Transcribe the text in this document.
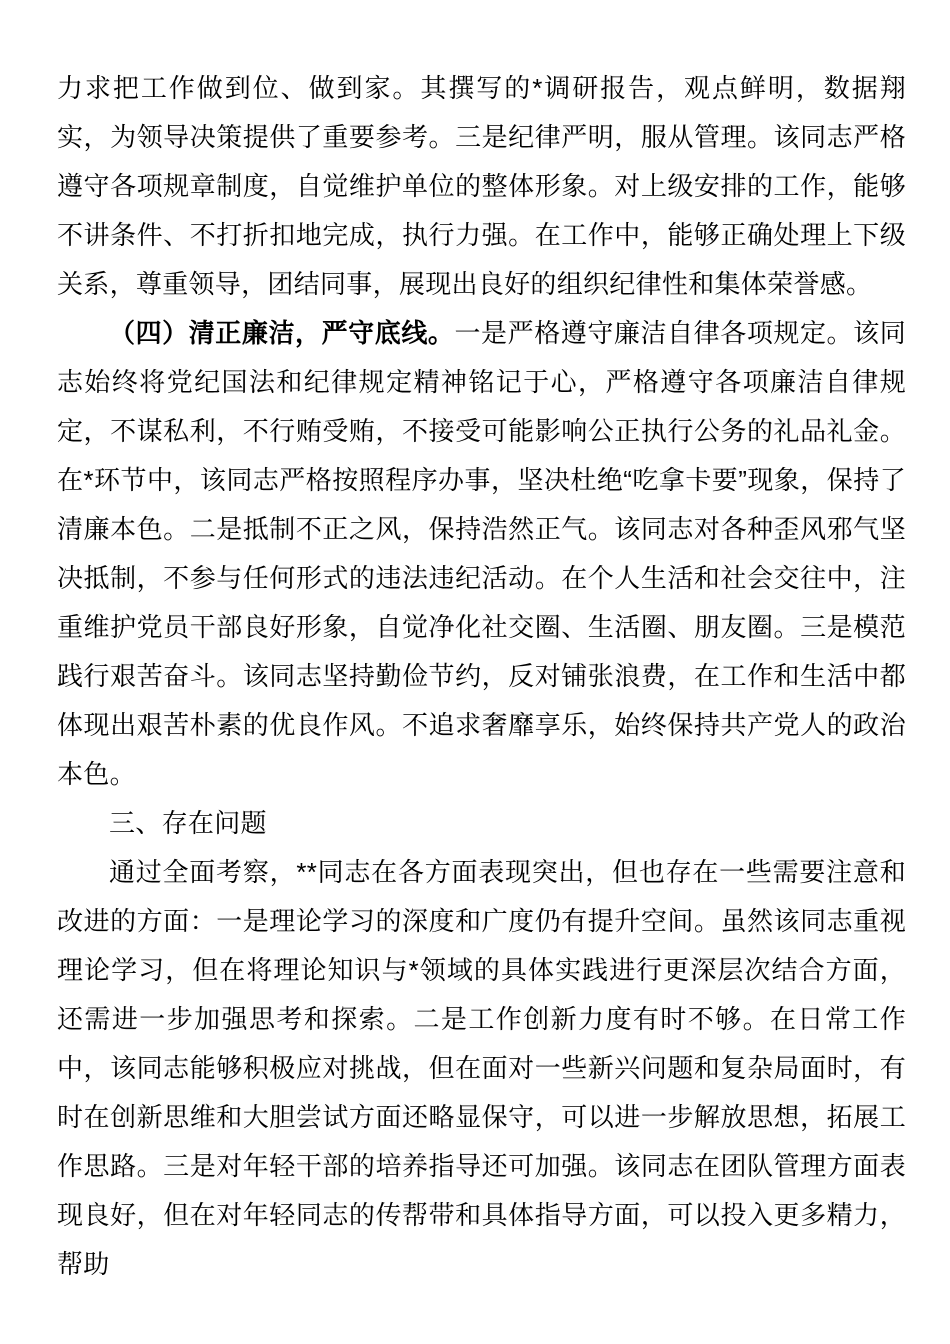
力求把工作做到位、做到家。其撰写的*调研报告，观点鲜明，数据翔实，为领导决策提供了重要参考。三是纪律严明，服从管理。该同志严格遵守各项规章制度，自觉维护单位的整体形象。对上级安排的工作，能够不讲条件、不打折扣地完成，执行力强。在工作中，能够正确处理上下级关系，尊重领导，团结同事，展现出良好的组织纪律性和集体荣誉感。

（四）清正廉洁，严守底线。一是严格遵守廉洁自律各项规定。该同志始终将党纪国法和纪律规定精神铭记于心，严格遵守各项廉洁自律规定，不谋私利，不行贿受贿，不接受可能影响公正执行公务的礼品礼金。在*环节中，该同志严格按照程序办事，坚决杜绝“吃拿卡要”现象，保持了清廉本色。二是抵制不正之风，保持浩然正气。该同志对各种歪风邪气坚决抵制，不参与任何形式的违法违纪活动。在个人生活和社会交往中，注重维护党员干部良好形象，自觉净化社交圈、生活圈、朋友圈。三是模范践行艰苦奋斗。该同志坚持勤俭节约，反对铺张浪费，在工作和生活中都体现出艰苦朴素的优良作风。不追求奢靡享乐，始终保持共产党人的政治本色。

三、存在问题

通过全面考察，**同志在各方面表现突出，但也存在一些需要注意和改进的方面：一是理论学习的深度和广度仍有提升空间。虽然该同志重视理论学习，但在将理论知识与*领域的具体实践进行更深层次结合方面，还需进一步加强思考和探索。二是工作创新力度有时不够。在日常工作中，该同志能够积极应对挑战，但在面对一些新兴问题和复杂局面时，有时在创新思维和大胆尝试方面还略显保守，可以进一步解放思想，拓展工作思路。三是对年轻干部的培养指导还可加强。该同志在团队管理方面表现良好，但在对年轻同志的传帮带和具体指导方面，可以投入更多精力，帮助
